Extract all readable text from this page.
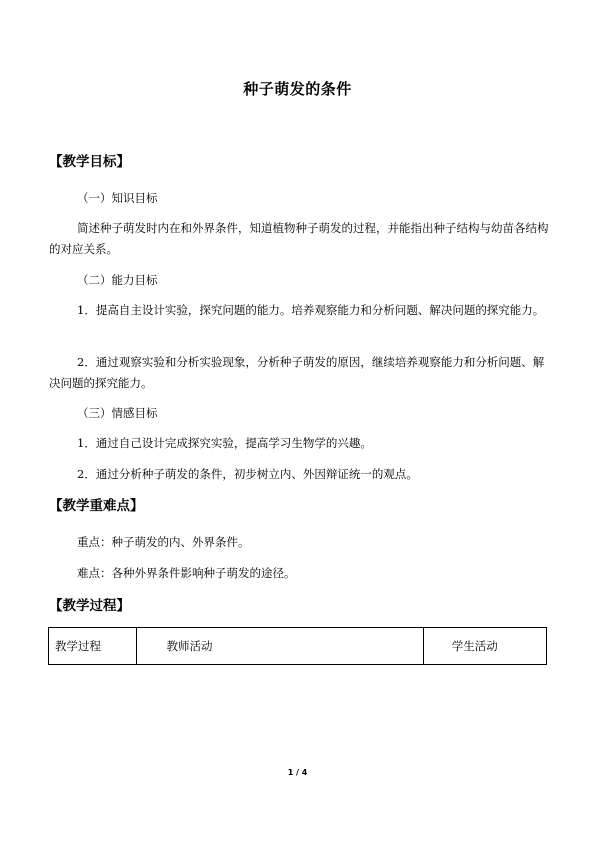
种子萌发的条件
【教学目标】
（一）知识目标
简述种子萌发时内在和外界条件，知道植物种子萌发的过程，并能指出种子结构与幼苗各结构的对应关系。
（二）能力目标
1．提高自主设计实验，探究问题的能力。培养观察能力和分析问题、解决问题的探究能力。
2．通过观察实验和分析实验现象，分析种子萌发的原因，继续培养观察能力和分析问题、解决问题的探究能力。
（三）情感目标
1．通过自己设计完成探究实验，提高学习生物学的兴趣。
2．通过分析种子萌发的条件，初步树立内、外因辩证统一的观点。
【教学重难点】
重点：种子萌发的内、外界条件。
难点：各种外界条件影响种子萌发的途径。
【教学过程】
教学过程	教师活动	学生活动
1 / 4
